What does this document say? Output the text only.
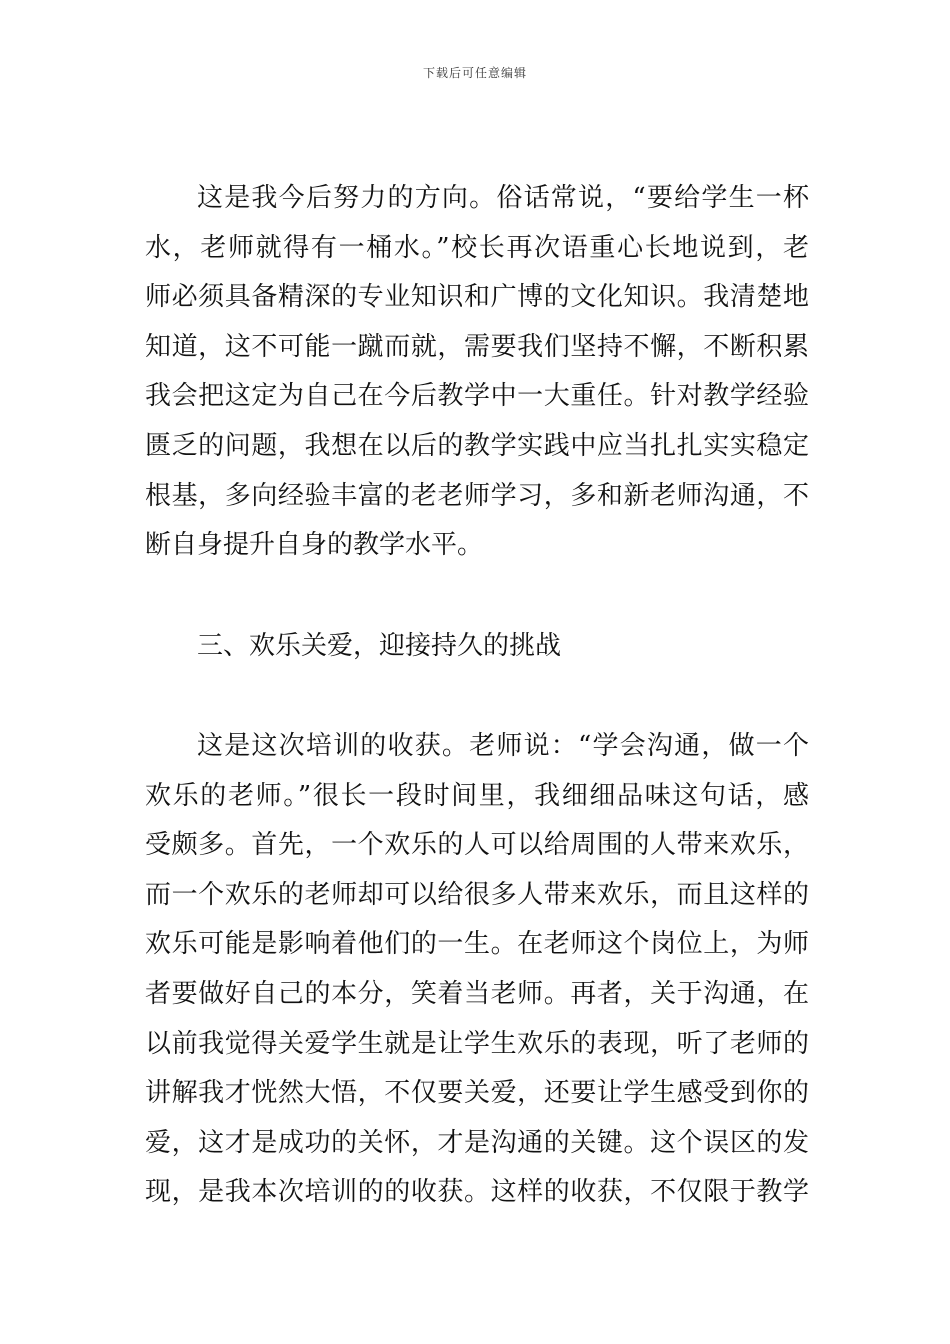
下载后可任意编辑
这是我今后努力的方向。俗话常说，“要给学生一杯
水，老师就得有一桶水。”校长再次语重心长地说到，老
师必须具备精深的专业知识和广博的文化知识。我清楚地
知道，这不可能一蹴而就，需要我们坚持不懈，不断积累
我会把这定为自己在今后教学中一大重任。针对教学经验
匮乏的问题，我想在以后的教学实践中应当扎扎实实稳定
根基，多向经验丰富的老老师学习，多和新老师沟通，不
断自身提升自身的教学水平。
三、欢乐关爱，迎接持久的挑战
这是这次培训的收获。老师说：“学会沟通，做一个
欢乐的老师。”很长一段时间里，我细细品味这句话，感
受颇多。首先，一个欢乐的人可以给周围的人带来欢乐，
而一个欢乐的老师却可以给很多人带来欢乐，而且这样的
欢乐可能是影响着他们的一生。在老师这个岗位上，为师
者要做好自己的本分，笑着当老师。再者，关于沟通，在
以前我觉得关爱学生就是让学生欢乐的表现，听了老师的
讲解我才恍然大悟，不仅要关爱，还要让学生感受到你的
爱，这才是成功的关怀，才是沟通的关键。这个误区的发
现，是我本次培训的的收获。这样的收获，不仅限于教学
